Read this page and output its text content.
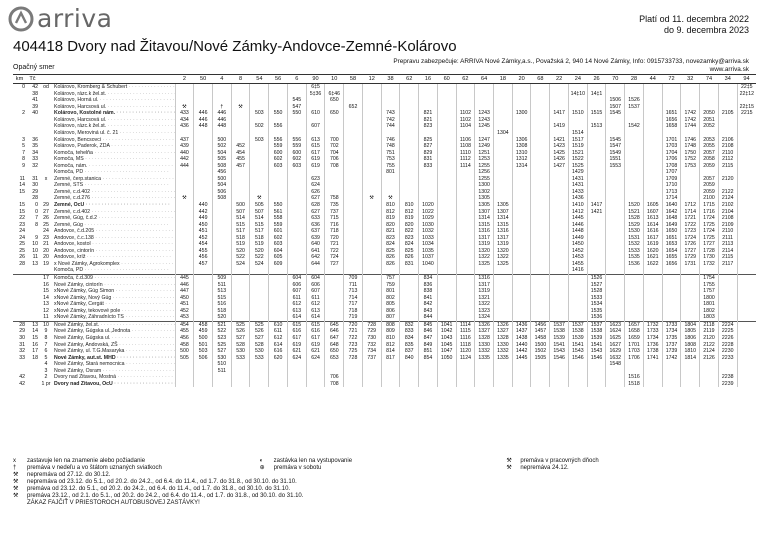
arriva	Platí od 11. decembra 2022
do 9. decembra 2023
404418 Dvory nad Žitavou/Nové Zámky-Andovce-Zemné-Kolárovo
Prepravu zabezpečuje: ARRIVA Nové Zámky,a.s., Považská 2, 940 14 Nové Zámky, Info: 0915733733, novezamky@arriva.sk
www.arriva.sk
Opačný smer
km	Tč			2	50	4	8	54	56	6	90	10	58	12	38	62	16	60	62	64	18	20	68	22	24	26	70	28	44	72	32	74	34	94
0	42	od	Kolárovo, Kromberg & Schubert · · ·								6‡5																							22‡5
	38		Kolárovo, rázc.k žel.st. · · ·								5‡36	6‡46													14‡10	14‡1								22‡12
	41		Kolárovo, Horná ul. · · ·							545		650															1506	1526						
	39		Kolárovo, Harcsová ul. · · ·	⚒		†	⚒			547			652														1507	1537						22‡15
2	40		Kolárovo, Kostolné nám. · · ·	433	446	446		503	550	550	610	650			743		821		1102	1243		1300		1417	1510	1515	1545			1651	1742	2050	2105	2215
			Kolárovo, Harcsová ul. · · ·	434	446	446									742		821		1102	1243										1656	1742	2051		
			Kolárovo, rázc.k žel.st. · · ·	436	448	448		502	556		607				744		823		1104	1245				1419		1513		1542		1658	1744	2052		
			Kolárovo, Meroviná ul. č. 21 · · ·																		1304				1514									
3	36		Kolárovo, Bencsovci · · ·	437		500		503	556	556	613	700			746		825		1106	1247		1306		1421	1517		1545			1701	1746	2053	2106	
5	35		Kolárovo, Paderok, ZDA · · ·	439		502	452		559	559	615	702			748		827		1108	1249		1308		1423	1519		1547			1703	1748	2055	2108	
7	34		Komoča, tehelňa · · ·	440		504	454		600	600	617	704			751		829		1110	1251		1310		1425	1521		1549			1704	1750	2057	2110	
8	33		Komoča, MŠ · · ·	442		505	455		602	602	619	706			753		831		1112	1253		1312		1426	1522		1551			1706	1752	2058	2112	
9	32		Komoča, nám. · · ·	444		508	457		603	603	619	708			755		833		1114	1255		1314		1427	1525		1553			1708	1753	2059	2115	
			Komoča, PD · · ·			456									801					1256					1429					1707				
11	31	x	Zemné, čerp.stanica · · ·			500					623									1255					1431					1709		2057	2120	
14	30		Zemné, STS · · ·			504					624									1300					1431					1710		2059		
15	29		Zemné, c.d.402 · · ·			506					626									1302					1433					1713		2059	2122	
	28		Zemné, c.d.276 · · ·	⚒		508		⚒			627	758		⚒	⚒					1305					1436					1714		2100	2124	
15	0	29	Zemné, OcÚ · · ·		440		500	505	550		628	735			810	810	1020			1305	1305				1410	1417		1520	1605	1640	1712	1715	2102	
15	0	27	Zemné, c.d.402 · · ·		442		507	507	561		627	737			812	812	1022			1307	1307				1412	1421		1521	1607	1642	1714	1716	2104	
22	7	26	Zemné, Gúg, č.d.2 · · ·		449		514	514	558		633	715			819	819	1029			1314	1314				1445			1528	1613	1648	1721	1724	2108	
23	8	25	Zemné, Gúg · · ·		450		515	515	559		636	716			820	820	1030			1315	1315				1446			1529	1614	1649	1722	1725	2109	
24		24	Andovce, č.d.205 · · ·		451		517	517	601		637	718			821	822	1032			1316	1316				1448			1530	1616	1650	1723	1724	2110	
24	9	23	Andovce, č.c.138 · · ·		452		518	518	602		639	720			823	823	1033			1317	1317				1449			1531	1617	1651	1724	1725	2111	
25	10	21	Andovce, kostol · · ·		454		519	519	603		640	721			824	824	1034			1319	1319				1450			1532	1619	1653	1726	1727	2113	
25	10	20	Andovce, cintorín · · ·		455		520	520	604		641	722			825	825	1035			1320	1320				1452			1533	1620	1654	1727	1728	2114	
26	11	20	Andovce, kríž · · ·		456		522	522	605		642	724			826	826	1037			1322	1322				1453			1535	1621	1655	1729	1730	2115	
28	13	19	x Nové Zámky, Agrokomplex · · ·		457		524	524	609		644	727			826	831	1040			1325	1325				1455			1536	1622	1656	1731	1732	2117	
			Komoča, PD · · ·																						1416									
		17	Komoča, č.d.309 · · ·	445		509				604	604		709		757		834			1316						1526						1754		
		16	Nové Zámky, cintorín · · ·	446		511				606	606		711		759		836			1317						1527						1755		
		15	xNové Zámky, Gúg Simon · · ·	447		513				607	607		713		801		838			1319						1528						1757		
		14	xNové Zámky, Nový Gúg · · ·	450		515				611	611		714		802		841			1321						1533						1800		
		13	xNové Zámky, Cergát · · ·	451		516				612	612		717		805		842			1322						1534						1801		
		12	xNové Zámky, tekovové pole · · ·	452		518				613	613		718		806		843			1323						1535						1802		
		11	xNové Zámky, Záhradnícto TS · · ·	453		520				614	614		719		807		844			1324						1536						1803		
28	13	10	Nové Zámky, žel.st. · · ·	454	458	521	525	525	610	615	615	645	720	728	808	832	845	1041	1114	1326	1326	1436	1456	1537	1537	1537	1623	1657	1732	1733	1804	2118	2224	
29	14	9	Nové Zámky, Gúgska ul.,Jednota · · ·	455	459	522	526	526	611	616	616	646	721	729	809	833	846	1042	1115	1327	1327	1437	1457	1538	1538	1538	1624	1658	1733	1734	1805	2119	2225	
30	15	8	Nové Zámky, Gúgska ul. · · ·	456	500	523	527	527	612	617	617	647	722	730	810	834	847	1043	1116	1328	1328	1438	1458	1539	1539	1539	1625	1659	1734	1735	1806	2120	2226	
31	16	7	Nové Zámky, Andovská, ZŠ · · ·	458	501	525	528	528	614	619	619	648	723	732	812	835	849	1045	1118	1330	1330	1440	1500	1541	1541	1541	1627	1701	1736	1737	1808	2122	2228	
32	17	6	Nové Zámky, ul. T.G.Masaryka · · ·	500	503	527	530	530	616	621	621	650	725	734	814	837	851	1047	1120	1332	1332	1442	1502	1543	1543	1543	1629	1703	1738	1739	1810	2124	2230	
33	18	5	Nové Zámky, aut.st. MHD · · ·	505	506	530	533	533	620	624	624	653	728	737	817	840	854	1050	1124	1335	1335	1445	1505	1546	1546	1546	1632	1706	1741	1742	1814	2126	2233	
		4	Nové Zámky, Stará nemocnica · · ·			510																					1548							
		3	Nové Zámky, Osram · · ·			511																												
42		2	Dvory nad Žitavou, Mostná · · ·									706																1516					2238	
42		1 pr	Dvory nad Žitavou, OcÚ · · ·									708																1518					2239	
x	zastavuje len na znamenie alebo požiadanie	◐	zastávka len na vystupovanie	⚒	premáva v pracovných dňoch
†	premáva v nedeľu a vo štátom uznaných sviatkoch	⊕	premáva v sobotu	⚒	nepremáva 24.12.
⚒	nepremáva od 27.12. do 30.12.
⚒	nepremáva od 23.12. do 5.1., od 20.2. do 24.2., od 6.4. do 11.4., od 1.7. do 31.8., od 30.10. do 31.10.
⚒	premáva od 23.12. do 5.1., od 20.2. do 24.2., od 6.4. do 11.4., od 1.7. do 31.8., od 30.10. do 31.10.
⚒	premáva 23.12., od 2.1. do 5.1., od 20.2. do 24.2., od 6.4. do 11.4., od 1.7. do 31.8., od 30.10. do 31.10.
ZÁKAZ FAJČIŤ V PRIESTOROCH AUTOBUSOVEJ ZASTÁVKY!
